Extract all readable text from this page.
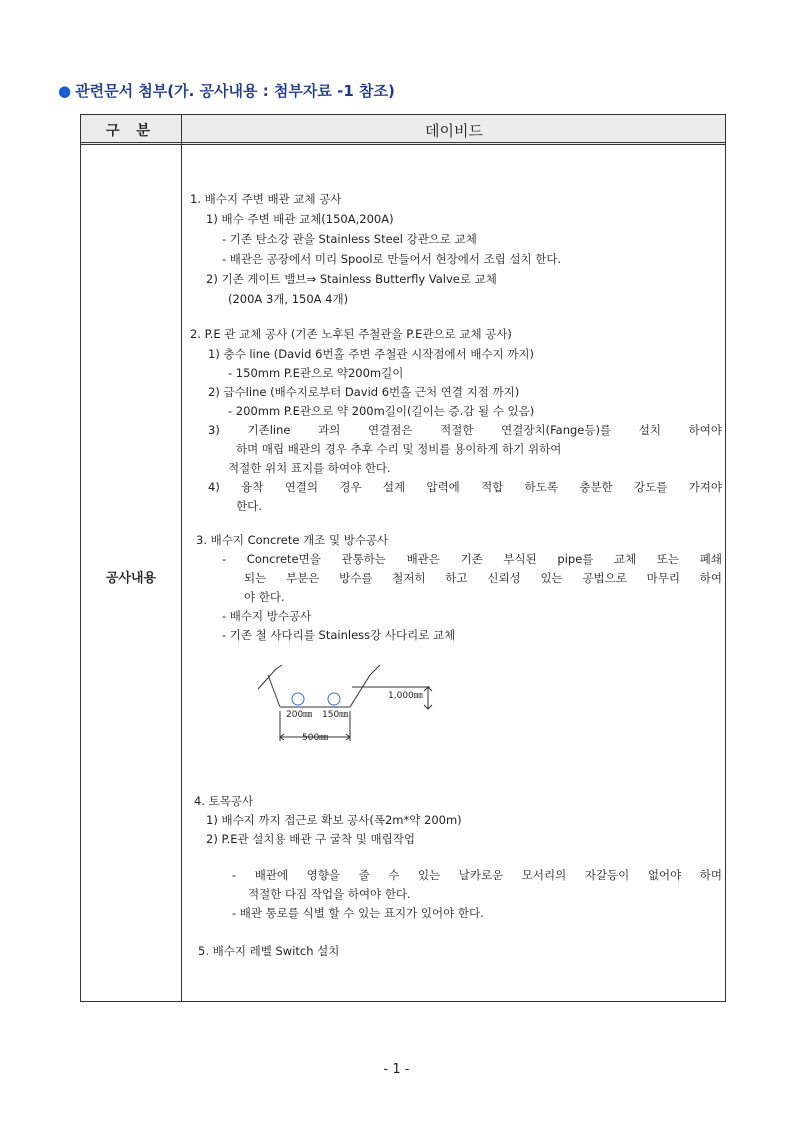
● 관련문서 첨부(가. 공사내용 : 첨부자료 -1 참조)
구 분	데이비드
공사내용
1. 배수지 주변 배관 교체 공사
1) 배수 주변 배관 교체(150A,200A)
- 기존 탄소강 관을 Stainless Steel 강관으로 교체
- 배관은 공장에서 미리 Spool로 만들어서 현장에서 조립 설치 한다.
2) 기존 게이트 밸브⇒ Stainless Butterfly Valve로 교체
(200A 3개, 150A 4개)
2. P.E 관 교체 공사 (기존 노후된 주철관을 P.E관으로 교체 공사)
1) 충수 line (David 6번홀 주변 주철관 시작점에서 배수지 까지)
- 150mm P.E관으로 약200m길이
2) 급수line (배수지로부터 David 6번홀 근처 연결 지점 까지)
- 200mm P.E관으로 약 200m길이(길이는 증.감 될 수 있음)
3) 기존line 과의 연결점은 적절한 연결장치(Fange등)를 설치 하여야
하며 매립 배관의 경우 추후 수리 및 정비를 용이하게 하기 위하여
적절한 위치 표지를 하여야 한다.
4) 융착 연결의 경우 설계 압력에 적합 하도록 충분한 강도를 가져야
한다.
3. 배수지 Concrete 개조 및 방수공사
- Concrete면을 관통하는 배관은 기존 부식된 pipe를 교체 또는 폐쇄
되는 부분은 방수를 철저히 하고 신뢰성 있는 공법으로 마무리 하여
야 한다.
- 배수지 방수공사
- 기존 철 사다리를 Stainless강 사다리로 교체
1,000㎜
200㎜ 150㎜
500㎜
4. 토목공사
1) 배수지 까지 접근로 확보 공사(폭2m*약 200m)
2) P.E관 설치용 배관 구 굴착 및 매립작업
- 배관에 영향을 줄 수 있는 날카로운 모서리의 자갈등이 없어야 하며
적절한 다짐 작업을 하여야 한다.
- 배관 통로를 식별 할 수 있는 표지가 있어야 한다.
5. 배수지 레벨 Switch 설치
- 1 -
